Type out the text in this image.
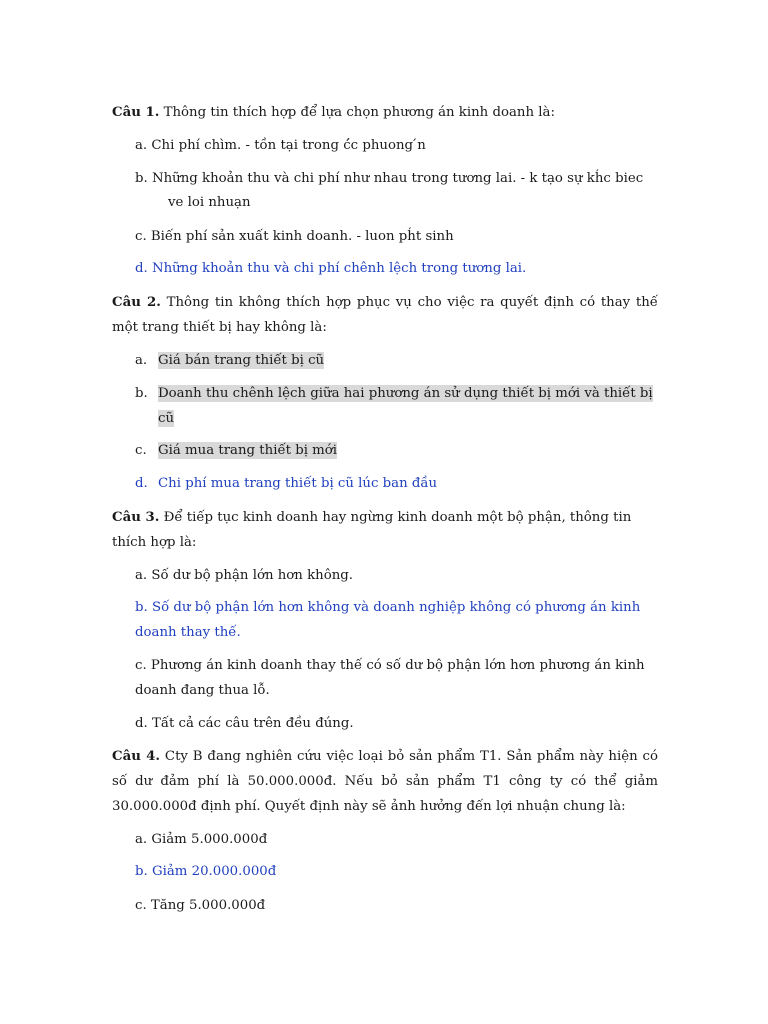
Câu 1. Thông tin thích hợp để lựa chọn phương án kinh doanh là:
a. Chi phí chìm. - tồn tại trong ć́c phuong ́n
b. Những khoản thu và chi phí như nhau trong tương lai. - k tạo sự kh́c biec
ve loi nhuạn
c. Biến phí sản xuất kinh doanh. - luon ph́t sinh
d. Những khoản thu và chi phí chênh lệch trong tương lai.
Câu 2. Thông tin không thích hợp phục vụ cho việc ra quyết định có thay thế
một trang thiết bị hay không là:
a. Giá bán trang thiết bị cũ
b. Doanh thu chênh lệch giữa hai phương án sử dụng thiết bị mới và thiết bị
cũ
c. Giá mua trang thiết bị mới
d. Chi phí mua trang thiết bị cũ lúc ban đầu
Câu 3. Để tiếp tục kinh doanh hay ngừng kinh doanh một bộ phận, thông tin
thích hợp là:
a. Số dư bộ phận lớn hơn không.
b. Số dư bộ phận lớn hơn không và doanh nghiệp không có phương án kinh
doanh thay thế.
c. Phương án kinh doanh thay thế có số dư bộ phận lớn hơn phương án kinh
doanh đang thua lỗ.
d. Tất cả các câu trên đều đúng.
Câu 4. Cty B đang nghiên cứu việc loại bỏ sản phẩm T1. Sản phẩm này hiện có
số dư đảm phí là 50.000.000đ. Nếu bỏ sản phẩm T1 công ty có thể giảm
30.000.000đ định phí. Quyết định này sẽ ảnh hưởng đến lợi nhuận chung là:
a. Giảm 5.000.000đ
b. Giảm 20.000.000đ
c. Tăng 5.000.000đ
